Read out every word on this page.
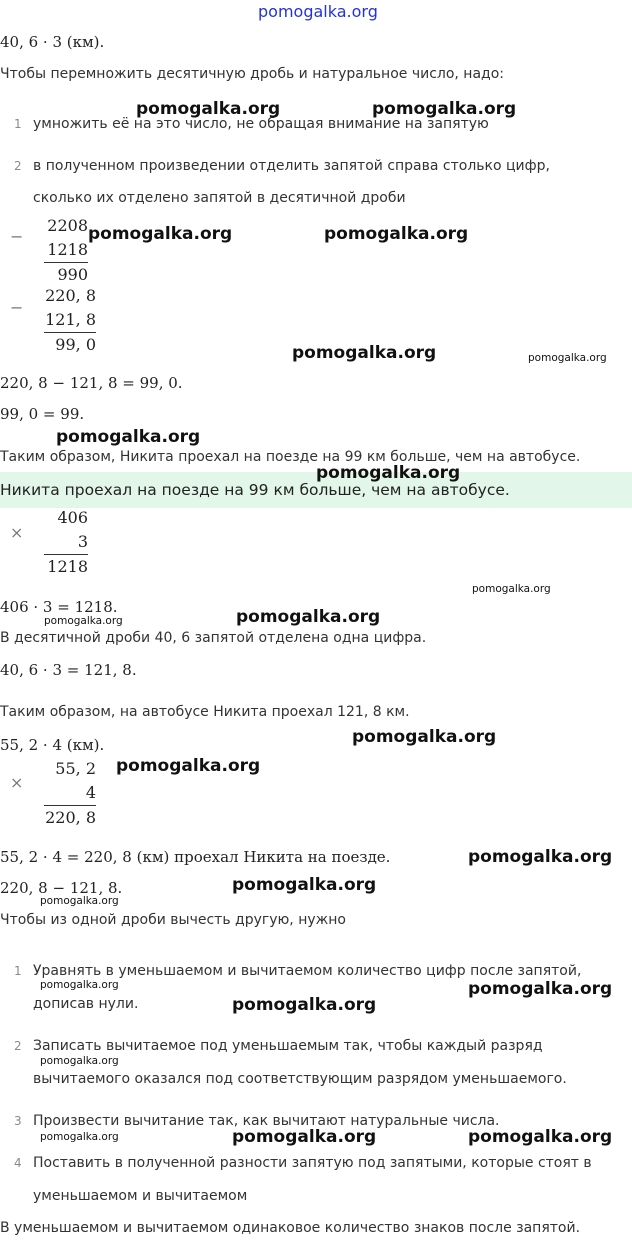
pomogalka.org
40, 6 · 3 (км).
Чтобы перемножить десятичную дробь и натуральное число, надо:
1 умножить её на это число, не обращая внимание на запятую
2 в полученном произведении отделить запятой справа столько цифр,
сколько их отделено запятой в десятичной дроби
−
2208
1218
990
−
220, 8
121, 8
99, 0
220, 8 − 121, 8 = 99, 0.
99, 0 = 99.
Таким образом, Никита проехал на поезде на 99 км больше, чем на автобусе.
Никита проехал на поезде на 99 км больше, чем на автобусе.
×
406
3
1218
406 · 3 = 1218.
В десятичной дроби 40, 6 запятой отделена одна цифра.
40, 6 · 3 = 121, 8.
Таким образом, на автобусе Никита проехал 121, 8 км.
55, 2 · 4 (км).
×
55, 2
4
220, 8
55, 2 · 4 = 220, 8 (км) проехал Никита на поезде.
220, 8 − 121, 8.
Чтобы из одной дроби вычесть другую, нужно
1 Уравнять в уменьшаемом и вычитаемом количество цифр после запятой,
дописав нули.
2 Записать вычитаемое под уменьшаемым так, чтобы каждый разряд
вычитаемого оказался под соответствующим разрядом уменьшаемого.
3 Произвести вычитание так, как вычитают натуральные числа.
4 Поставить в полученной разности запятую под запятыми, которые стоят в
уменьшаемом и вычитаемом
В уменьшаемом и вычитаемом одинаковое количество знаков после запятой.
pomogalka.org	pomogalka.org
pomogalka.org	pomogalka.org
pomogalka.org	pomogalka.org
pomogalka.org
pomogalka.org
pomogalka.org
pomogalka.org
pomogalka.org
pomogalka.org
pomogalka.org
pomogalka.org
pomogalka.org
pomogalka.org
pomogalka.org	pomogalka.org
pomogalka.org
pomogalka.org
pomogalka.org	pomogalka.org	pomogalka.org
